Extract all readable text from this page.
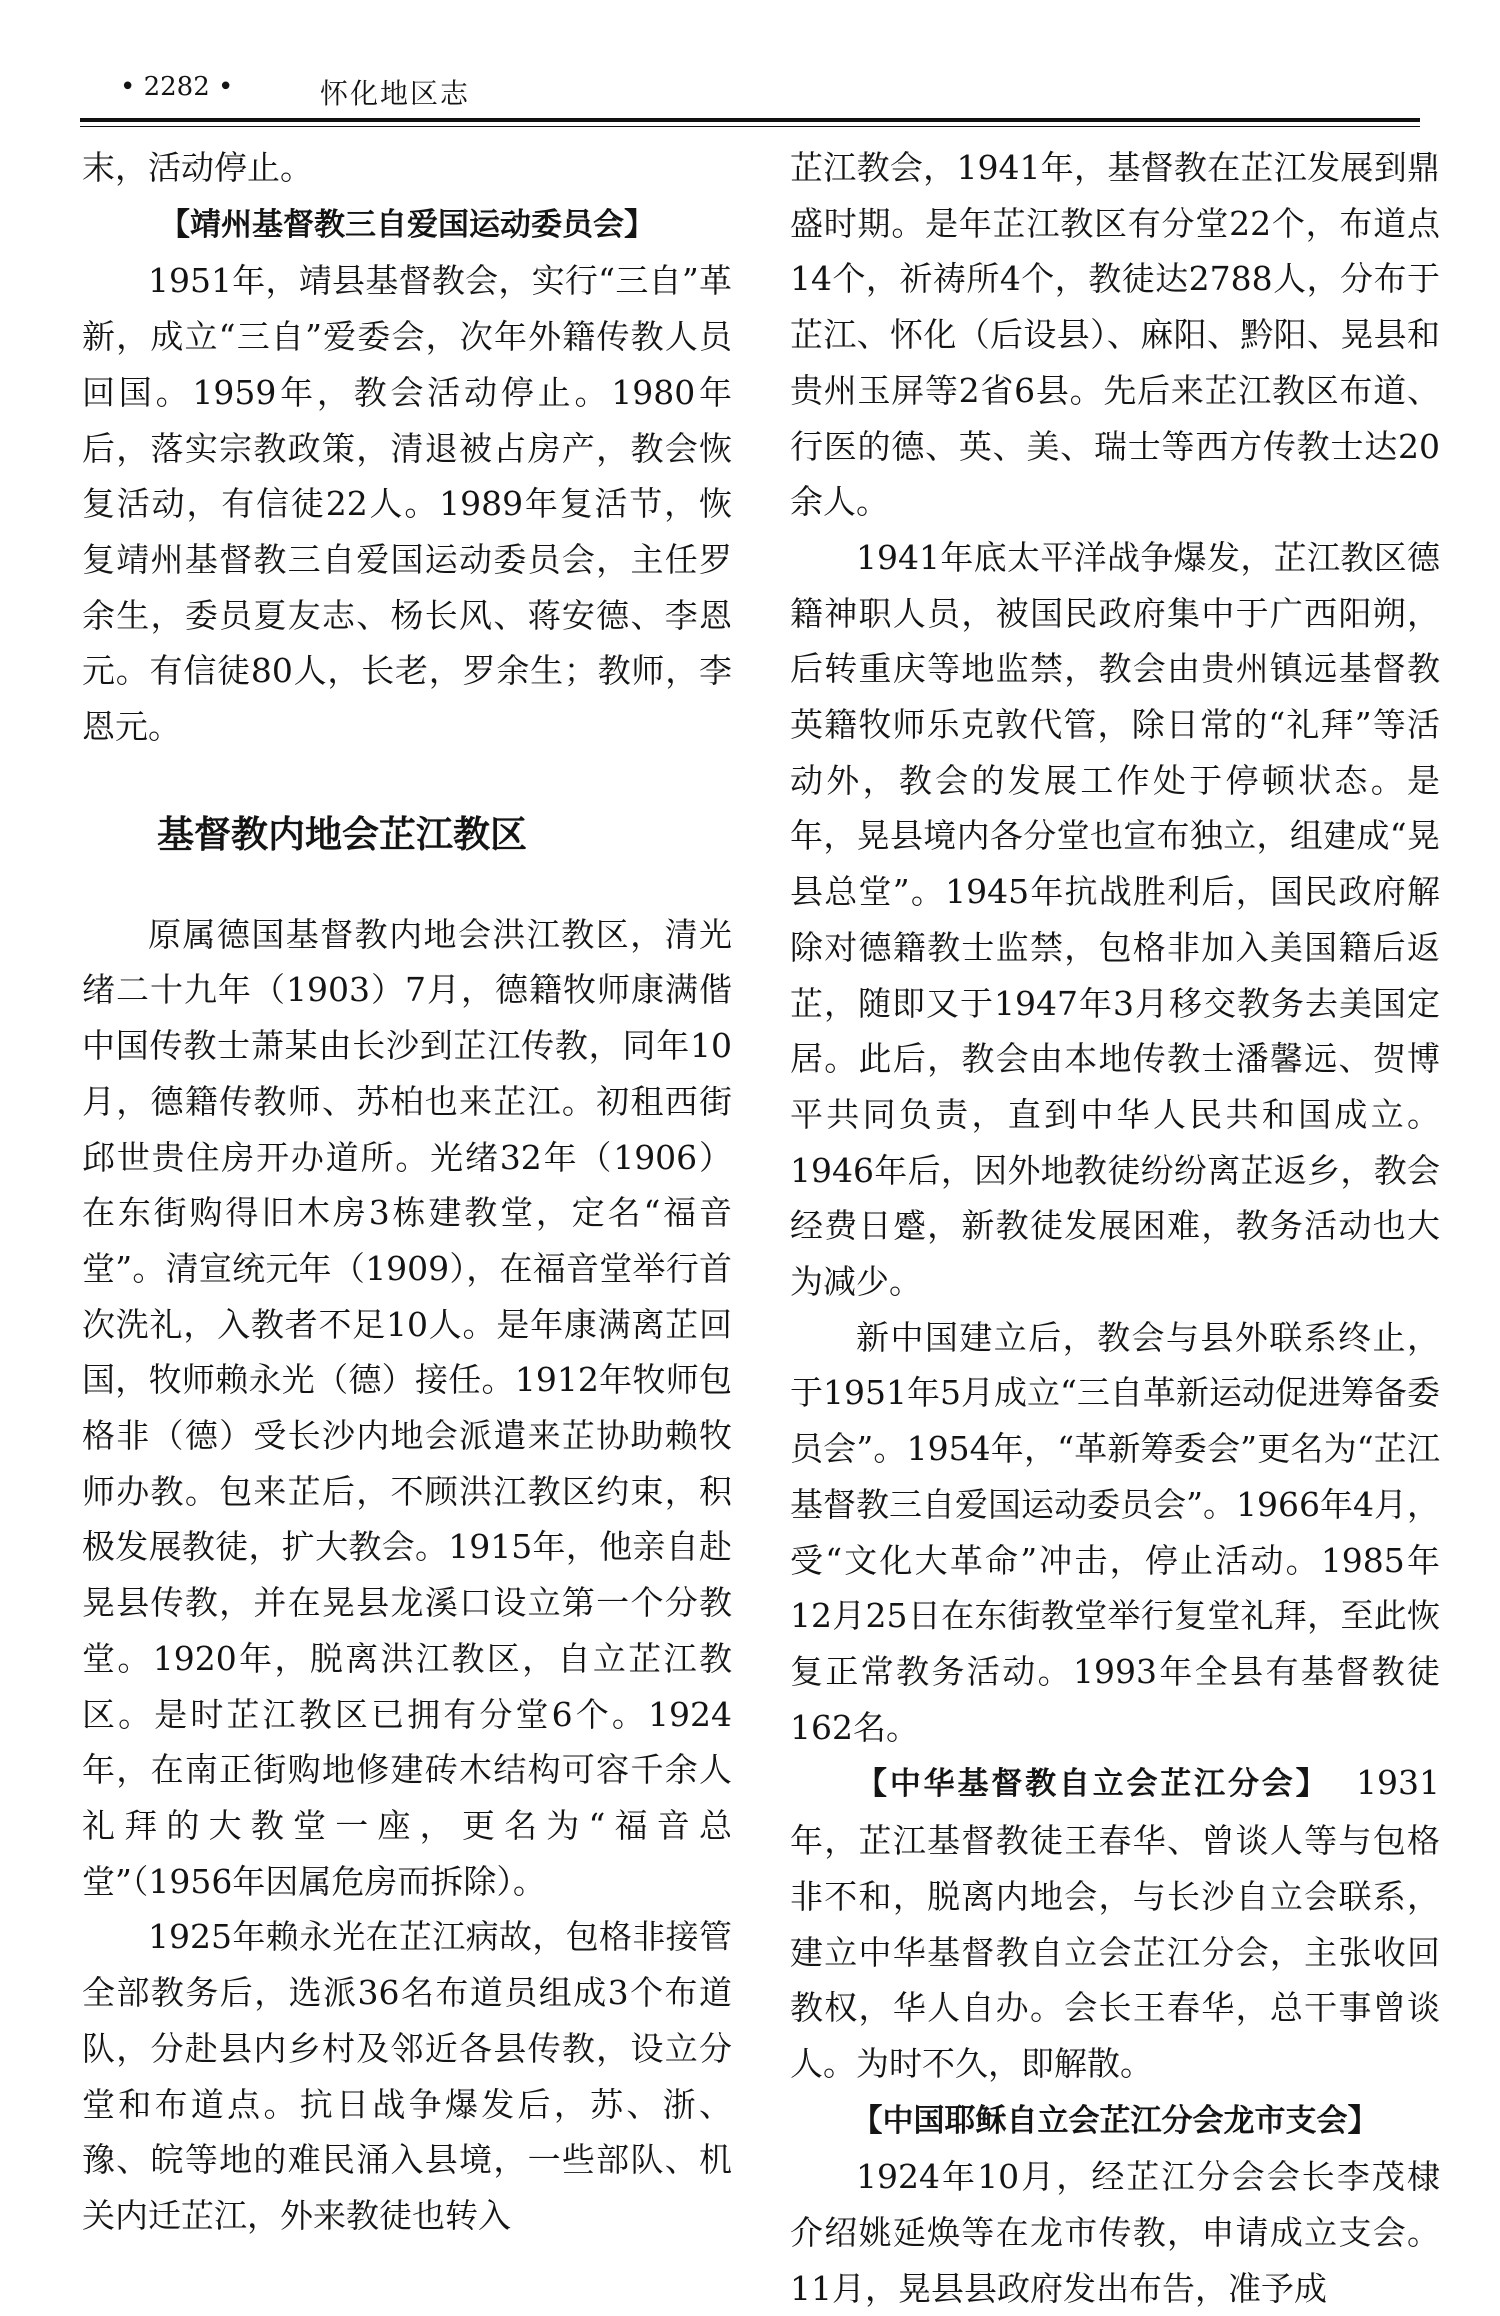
• 2282 •	怀化地区志

末，活动停止。

【靖州基督教三自爱国运动委员会】

1951年，靖县基督教会，实行“三自”革新，成立“三自”爱委会，次年外籍传教人员回国。1959年，教会活动停止。1980年后，落实宗教政策，清退被占房产，教会恢复活动，有信徒22人。1989年复活节，恢复靖州基督教三自爱国运动委员会，主任罗余生，委员夏友志、杨长风、蒋安德、李恩元。有信徒80人，长老，罗余生；教师，李恩元。

基督教内地会芷江教区

原属德国基督教内地会洪江教区，清光绪二十九年（1903）7月，德籍牧师康满偕中国传教士萧某由长沙到芷江传教，同年10月，德籍传教师、苏柏也来芷江。初租西街邱世贵住房开办道所。光绪32年（1906）在东街购得旧木房3栋建教堂，定名“福音堂”。清宣统元年（1909），在福音堂举行首次洗礼，入教者不足10人。是年康满离芷回国，牧师赖永光（德）接任。1912年牧师包格非（德）受长沙内地会派遣来芷协助赖牧师办教。包来芷后，不顾洪江教区约束，积极发展教徒，扩大教会。1915年，他亲自赴晃县传教，并在晃县龙溪口设立第一个分教堂。1920年，脱离洪江教区，自立芷江教区。是时芷江教区已拥有分堂6个。1924年，在南正街购地修建砖木结构可容千余人礼拜的大教堂一座，更名为“福音总堂”（1956年因属危房而拆除）。

1925年赖永光在芷江病故，包格非接管全部教务后，选派36名布道员组成3个布道队，分赴县内乡村及邻近各县传教，设立分堂和布道点。抗日战争爆发后，苏、浙、豫、皖等地的难民涌入县境，一些部队、机关内迁芷江，外来教徒也转入

芷江教会，1941年，基督教在芷江发展到鼎盛时期。是年芷江教区有分堂22个，布道点14个，祈祷所4个，教徒达2788人，分布于芷江、怀化（后设县）、麻阳、黔阳、晃县和贵州玉屏等2省6县。先后来芷江教区布道、行医的德、英、美、瑞士等西方传教士达20余人。

1941年底太平洋战争爆发，芷江教区德籍神职人员，被国民政府集中于广西阳朔，后转重庆等地监禁，教会由贵州镇远基督教英籍牧师乐克敦代管，除日常的“礼拜”等活动外，教会的发展工作处于停顿状态。是年，晃县境内各分堂也宣布独立，组建成“晃县总堂”。1945年抗战胜利后，国民政府解除对德籍教士监禁，包格非加入美国籍后返芷，随即又于1947年3月移交教务去美国定居。此后，教会由本地传教士潘馨远、贺博平共同负责，直到中华人民共和国成立。1946年后，因外地教徒纷纷离芷返乡，教会经费日蹙，新教徒发展困难，教务活动也大为减少。

新中国建立后，教会与县外联系终止，于1951年5月成立“三自革新运动促进筹备委员会”。1954年，“革新筹委会”更名为“芷江基督教三自爱国运动委员会”。1966年4月，受“文化大革命”冲击，停止活动。1985年12月25日在东街教堂举行复堂礼拜，至此恢复正常教务活动。1993年全县有基督教徒162名。

【中华基督教自立会芷江分会】 1931年，芷江基督教徒王春华、曾谈人等与包格非不和，脱离内地会，与长沙自立会联系，建立中华基督教自立会芷江分会，主张收回教权，华人自办。会长王春华，总干事曾谈人。为时不久，即解散。

【中国耶稣自立会芷江分会龙市支会】

1924年10月，经芷江分会会长李茂棣介绍姚延焕等在龙市传教，申请成立支会。11月，晃县县政府发出布告，准予成
